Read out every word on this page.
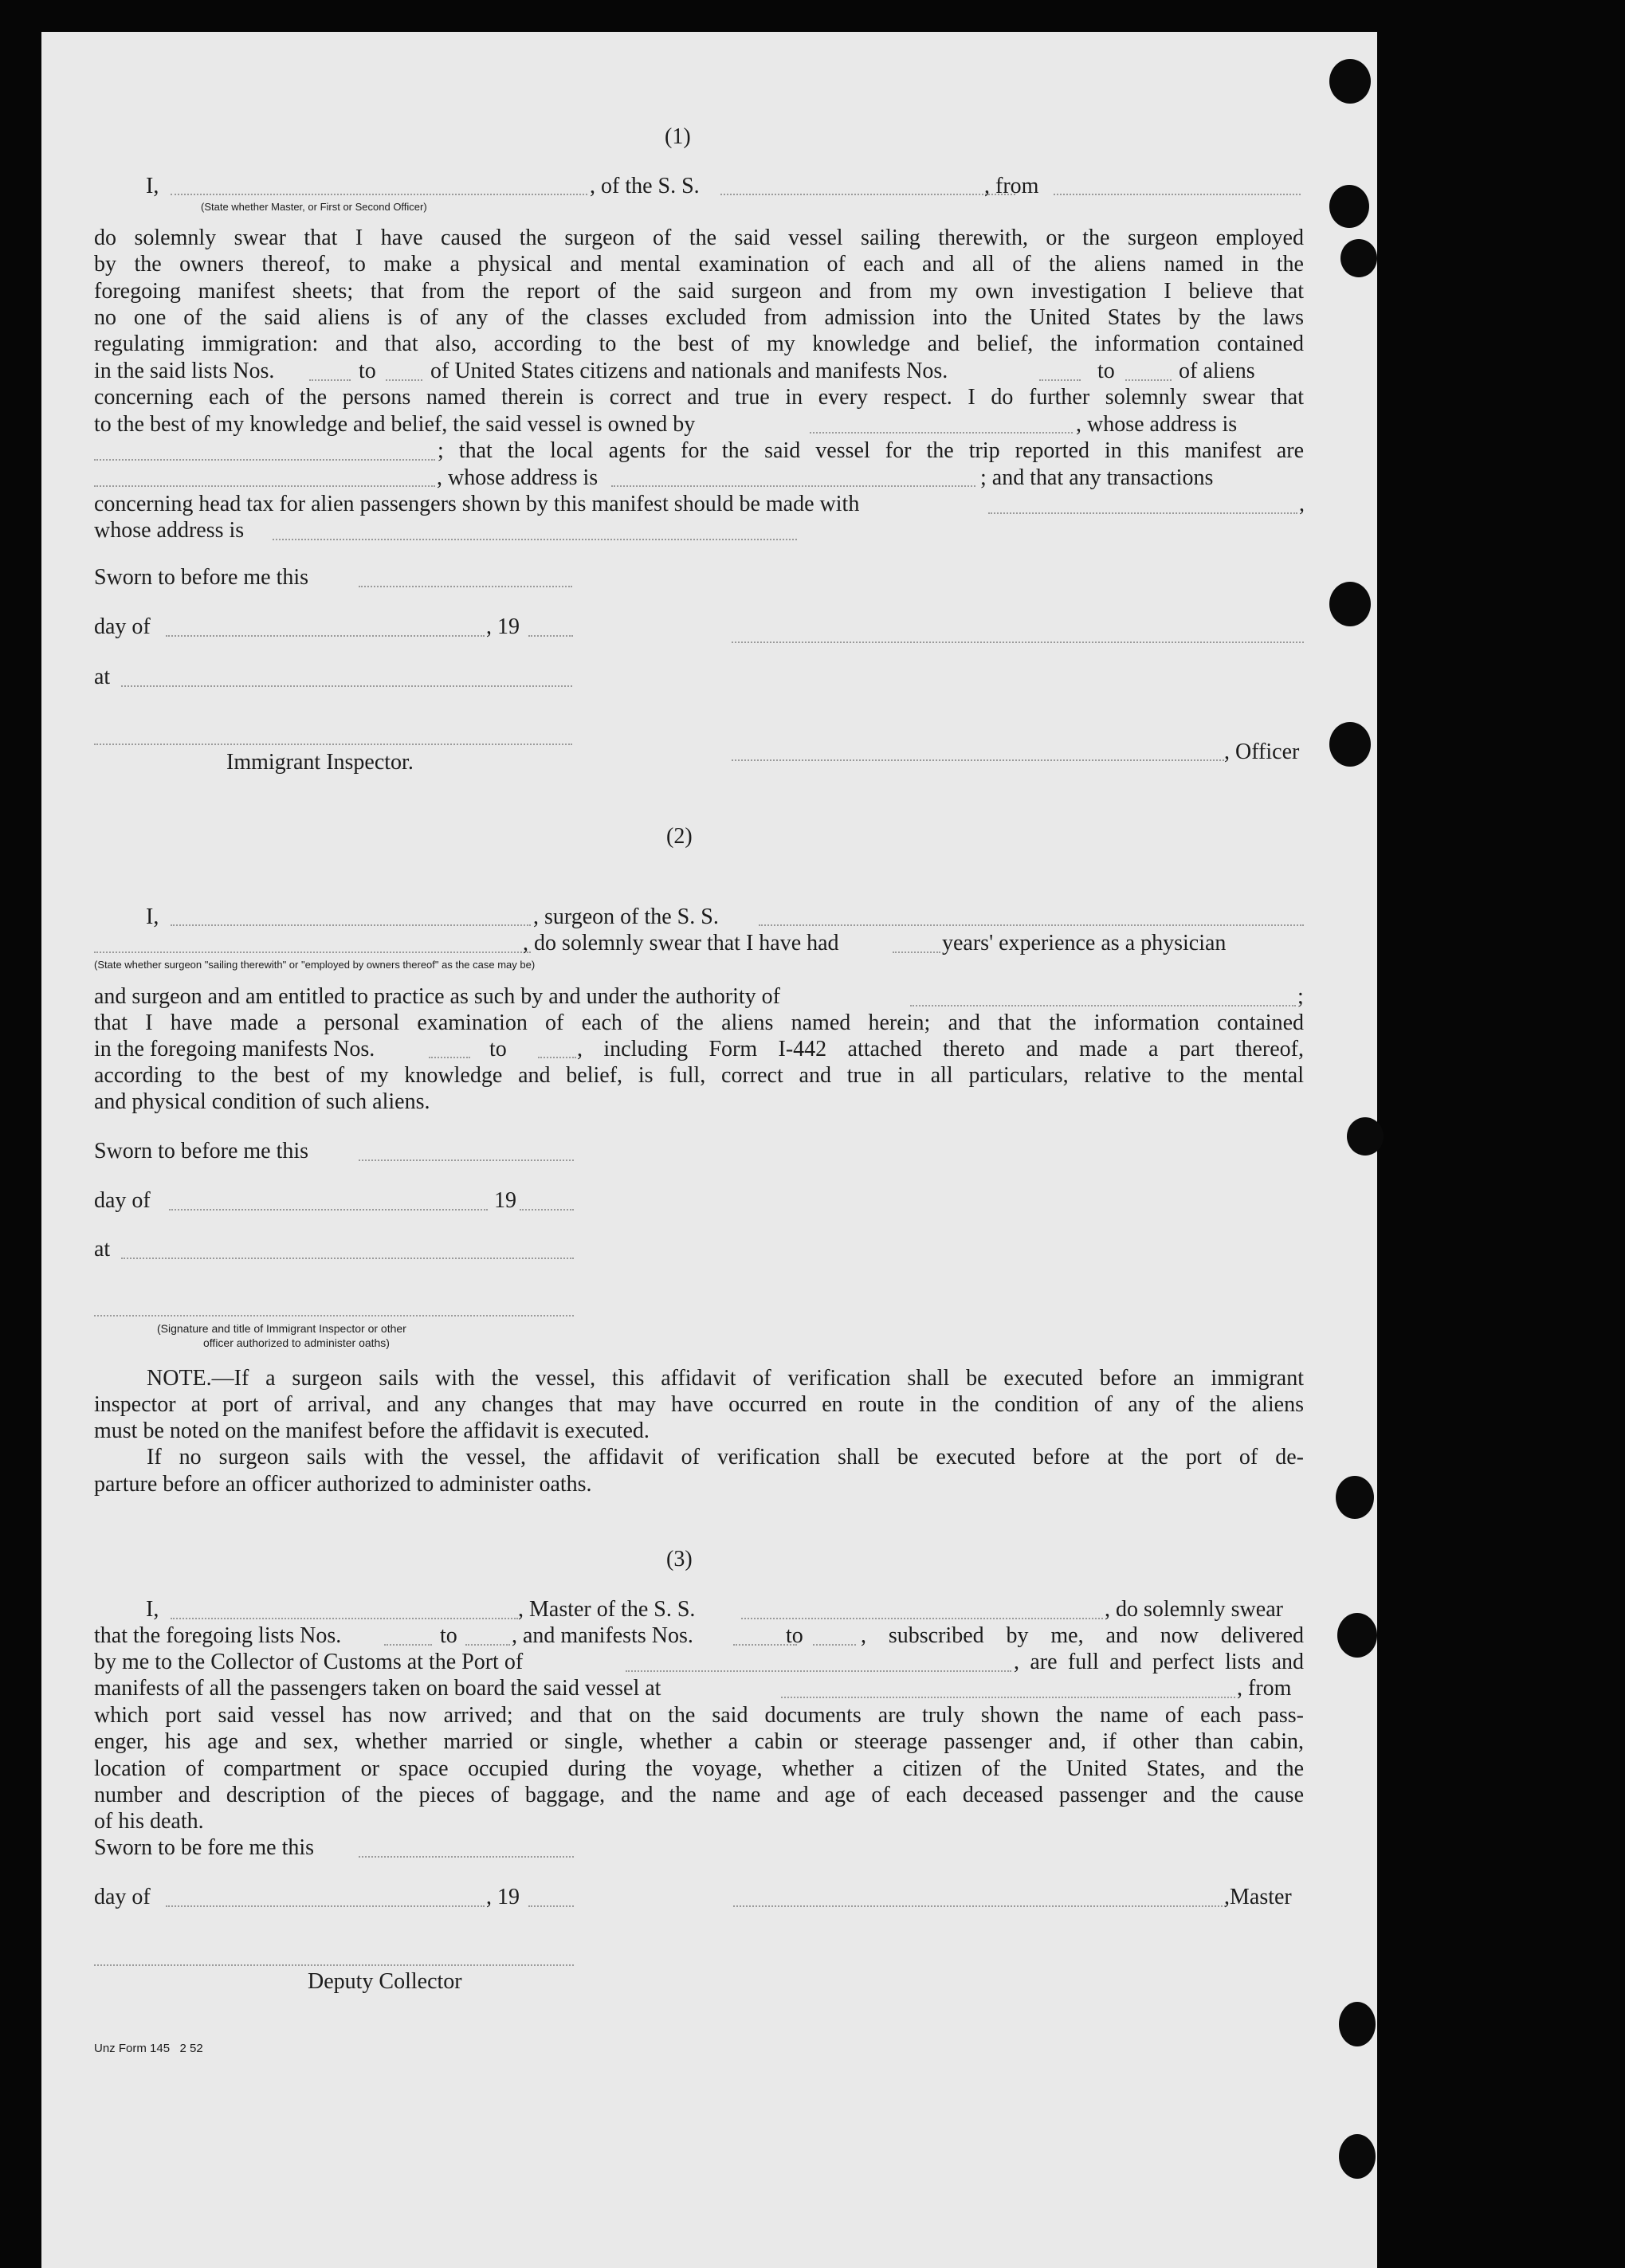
(1)
I,	, of the S. S.	, from
(State whether Master, or First or Second Officer)
do solemnly swear that I have caused the surgeon of the said vessel sailing therewith, or the surgeon employed
by the owners thereof, to make a physical and mental examination of each and all of the aliens named in the
foregoing manifest sheets; that from the report of the said surgeon and from my own investigation I believe that
no one of the said aliens is of any of the classes excluded from admission into the United States by the laws
regulating immigration: and that also, according to the best of my knowledge and belief, the information contained
in the said lists Nos.	to of United States citizens and nationals and manifests Nos.	to	of aliens
concerning each of the persons named therein is correct and true in every respect. I do further solemnly swear that
to the best of my knowledge and belief, the said vessel is owned by	, whose address is
; that the local agents for the said vessel for the trip reported in this manifest are
, whose address is	; and that any transactions
concerning head tax for alien passengers shown by this manifest should be made with	,
whose address is
Sworn to before me this
day of	, 19
at
Immigrant Inspector.	, Officer
(2)
I,	, surgeon of the S. S.
, do solemnly swear that I have had	years' experience as a physician
(State whether surgeon "sailing therewith" or "employed by owners thereof" as the case may be)
and surgeon and am entitled to practice as such by and under the authority of	;
that I have made a personal examination of each of the aliens named herein; and that the information contained
in the foregoing manifests Nos.	to	, including Form I-442 attached thereto and made a part thereof,
according to the best of my knowledge and belief, is full, correct and true in all particulars, relative to the mental
and physical condition of such aliens.
Sworn to before me this
day of	19
at
(Signature and title of Immigrant Inspector or other
officer authorized to administer oaths)
NOTE.—If a surgeon sails with the vessel, this affidavit of verification shall be executed before an immigrant
inspector at port of arrival, and any changes that may have occurred en route in the condition of any of the aliens
must be noted on the manifest before the affidavit is executed.
If no surgeon sails with the vessel, the affidavit of verification shall be executed before at the port of de-
parture before an officer authorized to administer oaths.
(3)
I,	, Master of the S. S.	, do solemnly swear
that the foregoing lists Nos.	to , and manifests Nos.	to	, subscribed by me, and now delivered
by me to the Collector of Customs at the Port of	, are full and perfect lists and
manifests of all the passengers taken on board the said vessel at	, from
which port said vessel has now arrived; and that on the said documents are truly shown the name of each pass-
enger, his age and sex, whether married or single, whether a cabin or steerage passenger and, if other than cabin,
location of compartment or space occupied during the voyage, whether a citizen of the United States, and the
number and description of the pieces of baggage, and the name and age of each deceased passenger and the cause
of his death.
Sworn to be fore me this
day of	, 19	,Master
Deputy Collector
Unz Form 145   2 52
